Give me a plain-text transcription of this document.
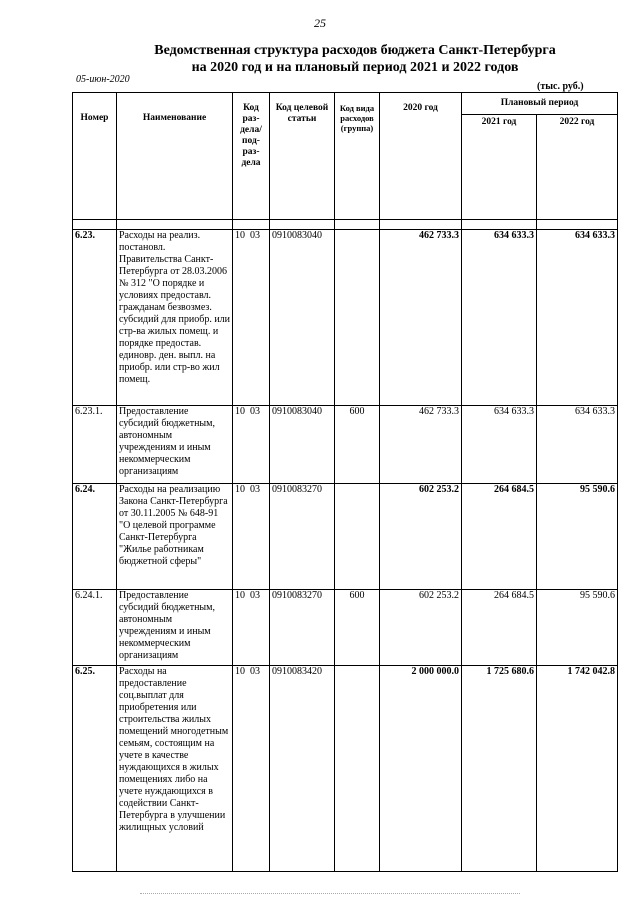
25
Ведомственная структура расходов бюджета Санкт-Петербурга
на 2020 год и на плановый период 2021 и 2022 годов
05-июн-2020
(тыс. руб.)
Номер	Наименование	Код раз- дела/ под- раз- дела	Код целевой статьи	Код вида расходов (группа)	2020 год	Плановый период	
						2021 год	2022 год

6.23.	Расходы на реализ. постановл. Правительства Санкт-Петербурга от 28.03.2006 № 312 "О порядке и условиях предоставл. гражданам безвозмез. субсидий для приобр. или стр-ва жилых помещ. и порядке предостав. единовр. ден. выпл. на приобр. или стр-во жил помещ.	10 03	0910083040		462 733.3	634 633.3	634 633.3
6.23.1.	Предоставление субсидий бюджетным, автономным учреждениям и иным некоммерческим организациям	10 03	0910083040	600	462 733.3	634 633.3	634 633.3
6.24.	Расходы на реализацию Закона Санкт-Петербурга от 30.11.2005 № 648-91 "О целевой программе Санкт-Петербурга "Жилье работникам бюджетной сферы"	10 03	0910083270		602 253.2	264 684.5	95 590.6
6.24.1.	Предоставление субсидий бюджетным, автономным учреждениям и иным некоммерческим организациям	10 03	0910083270	600	602 253.2	264 684.5	95 590.6
6.25.	Расходы на предоставление соц.выплат для приобретения или строительства жилых помещений многодетным семьям, состоящим на учете в качестве нуждающихся в жилых помещениях либо на учете нуждающихся в содействии Санкт-Петербурга в улучшении жилищных условий	10 03	0910083420		2 000 000.0	1 725 680.6	1 742 042.8
